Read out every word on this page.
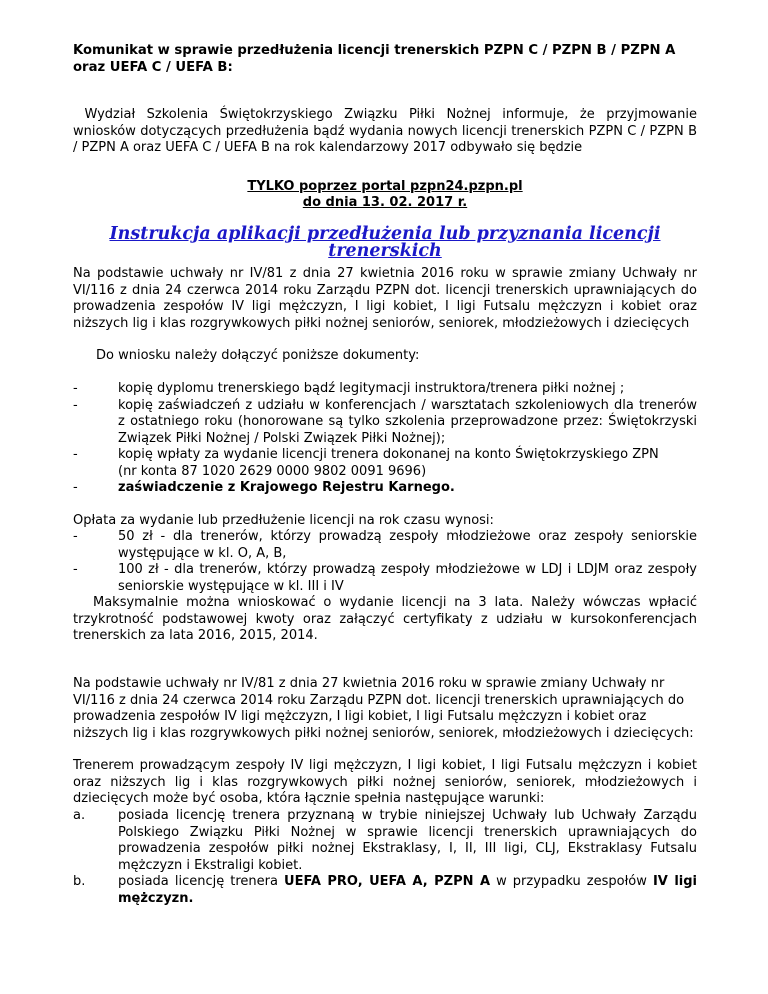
Komunikat w sprawie przedłużenia licencji trenerskich PZPN C / PZPN B / PZPN A oraz UEFA C / UEFA B:
Wydział Szkolenia Świętokrzyskiego Związku Piłki Nożnej informuje, że przyjmowanie wniosków dotyczących przedłużenia bądź wydania nowych licencji trenerskich PZPN C / PZPN B / PZPN A oraz UEFA C / UEFA B na rok kalendarzowy 2017 odbywało się będzie
TYLKO poprzez portal pzpn24.pzpn.pl
do dnia 13. 02. 2017 r.
Instrukcja aplikacji przedłużenia lub przyznania licencji trenerskich
Na podstawie uchwały nr IV/81 z dnia 27 kwietnia 2016 roku w sprawie zmiany Uchwały nr VI/116 z dnia 24 czerwca 2014 roku Zarządu PZPN dot. licencji trenerskich uprawniających do prowadzenia zespołów IV ligi mężczyzn, I ligi kobiet, I ligi Futsalu mężczyzn i kobiet oraz niższych lig i klas rozgrywkowych piłki nożnej seniorów, seniorek, młodzieżowych i dziecięcych
Do wniosku należy dołączyć poniższe dokumenty:
-	kopię dyplomu trenerskiego bądź legitymacji instruktora/trenera piłki nożnej ;
-	kopię zaświadczeń z udziału w konferencjach / warsztatach szkoleniowych dla trenerów z ostatniego roku (honorowane są tylko szkolenia przeprowadzone przez: Świętokrzyski Związek Piłki Nożnej / Polski Związek Piłki Nożnej);
-	kopię wpłaty za wydanie licencji trenera dokonanej na konto Świętokrzyskiego ZPN
(nr konta 87 1020 2629 0000 9802 0091 9696)
-	zaświadczenie z Krajowego Rejestru Karnego.
Opłata za wydanie lub przedłużenie licencji na rok czasu wynosi:
-	50 zł - dla trenerów, którzy prowadzą zespoły młodzieżowe oraz zespoły seniorskie występujące w kl. O, A, B,
-	100 zł - dla trenerów, którzy prowadzą zespoły młodzieżowe w LDJ i LDJM oraz zespoły seniorskie występujące w kl. III i IV
Maksymalnie można wnioskować o wydanie licencji na 3 lata. Należy wówczas wpłacić trzykrotność podstawowej kwoty oraz załączyć certyfikaty z udziału w kursokonferencjach trenerskich za lata 2016, 2015, 2014.
Na podstawie uchwały nr IV/81 z dnia 27 kwietnia 2016 roku w sprawie zmiany Uchwały nr VI/116 z dnia 24 czerwca 2014 roku Zarządu PZPN dot. licencji trenerskich uprawniających do prowadzenia zespołów IV ligi mężczyzn, I ligi kobiet, I ligi Futsalu mężczyzn i kobiet oraz niższych lig i klas rozgrywkowych piłki nożnej seniorów, seniorek, młodzieżowych i dziecięcych:
Trenerem prowadzącym zespoły IV ligi mężczyzn, I ligi kobiet, I ligi Futsalu mężczyzn i kobiet oraz niższych lig i klas rozgrywkowych piłki nożnej seniorów, seniorek, młodzieżowych i dziecięcych może być osoba, która łącznie spełnia następujące warunki:
a.	posiada licencję trenera przyznaną w trybie niniejszej Uchwały lub Uchwały Zarządu Polskiego Związku Piłki Nożnej w sprawie licencji trenerskich uprawniających do prowadzenia zespołów piłki nożnej Ekstraklasy, I, II, III ligi, CLJ, Ekstraklasy Futsalu mężczyzn i Ekstraligi kobiet.
b.	posiada licencję trenera UEFA PRO, UEFA A, PZPN A w przypadku zespołów IV ligi mężczyzn.
